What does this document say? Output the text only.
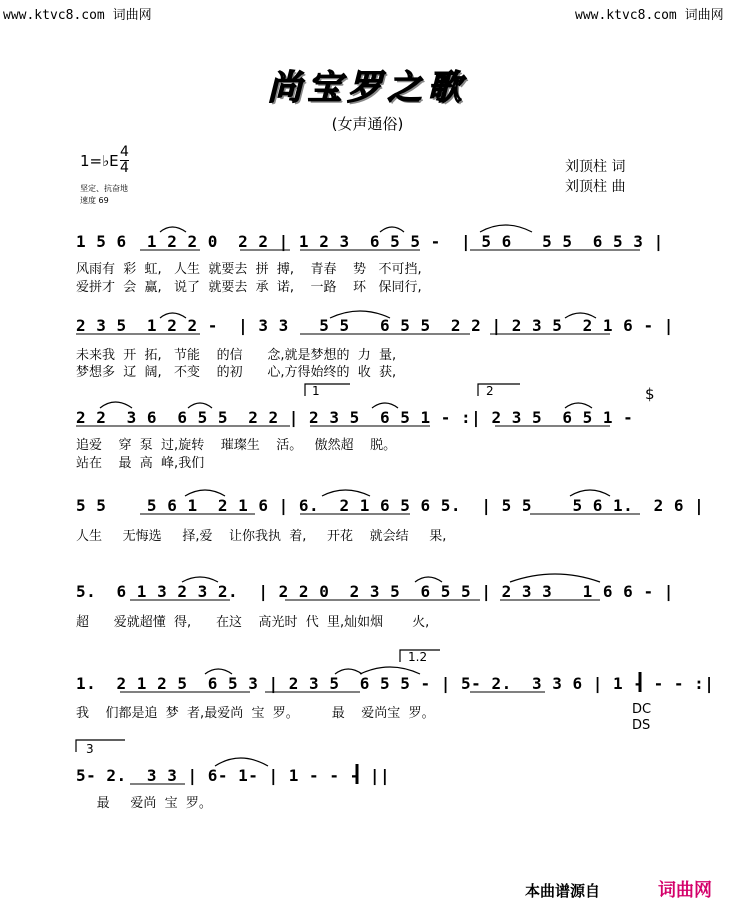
www.ktvc8.com 词曲网	www.ktvc8.com 词曲网
尚宝罗之歌
(女声通俗)
1=♭E $\frac{4}{4}$
坚定、抗奋地
速度 69
刘顶柱 词
刘顶柱 曲
1 5 6  1 2 2 0  2 2 | 1 2 3  6 5 5 -  | 5 6   5 5  6 5 3 |
风雨有  彩  虹,   人生  就要去  拼  搏,    青春    势   不可挡,
爱拼才  会  赢,   说了  就要去  承  诺,    一路    环   保同行,
2 3 5  1 2 2 -  | 3 3   5 5   6 5 5  2 2 | 2 3 5  2 1 6 - |
未来我  开  拓,   节能    的信      念,就是梦想的  力  量,
梦想多  辽  阔,   不变    的初      心,方得始终的  收  获,
1	2	$
2 2  3 6  6 5 5  2 2 | 2 3 5  6 5 1 - :| 2 3 5  6 5 1 -
追爱    穿  泵  过,旋转    璀璨生    活。   傲然超    脱。
站在    最  高  峰,我们
5 5    5 6 1  2 1 6 | 6.  2 1 6 5 6 5.  | 5 5    5 6 1.  2 6 |
人生     无悔选     择,爱    让你我执  着,     开花    就会结     果,
5.  6 1 3 2 3 2.  | 2 2 0  2 3 5  6 5 5 | 2 3 3   1 6 6 - |
超      爱就超懂  得,      在这    高光时  代  里,灿如烟       火,
1.2
1.  2 1 2 5  6 5 3 | 2 3 5  6 5 5 - | 5- 2.  3 3 6 | 1 - - - :|
我    们都是追  梦  者,最爱尚  宝  罗。        最    爱尚宝  罗。	DC
DS
3
5- 2.  3 3 | 6- 1- | 1 - - - ||
最     爱尚  宝  罗。
本曲谱源自	词曲网
